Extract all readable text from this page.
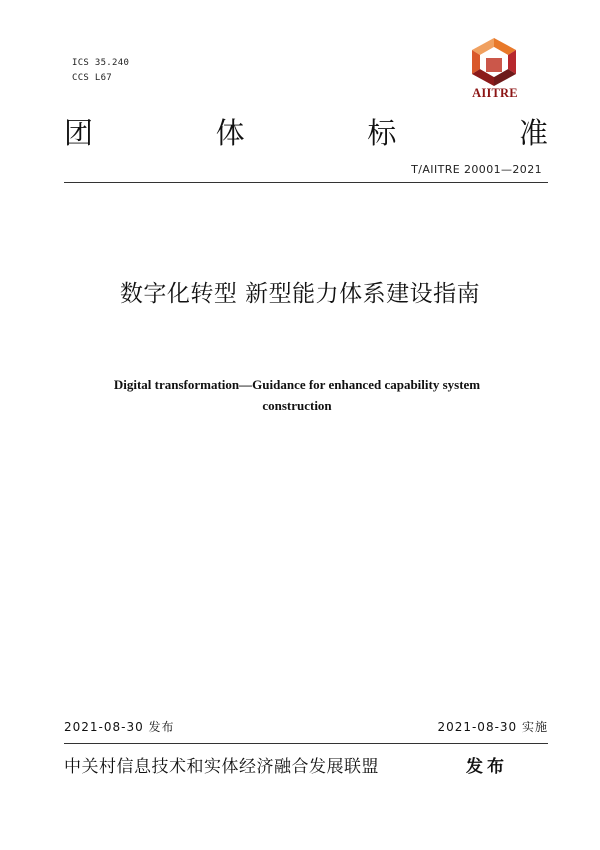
ICS 35.240
CCS L67
AIITRE
团	体	标	准
T/AIITRE 20001—2021
数字化转型 新型能力体系建设指南
Digital transformation—Guidance for enhanced capability system
construction
2021-08-30 发布	2021-08-30 实施
中关村信息技术和实体经济融合发展联盟	发布
